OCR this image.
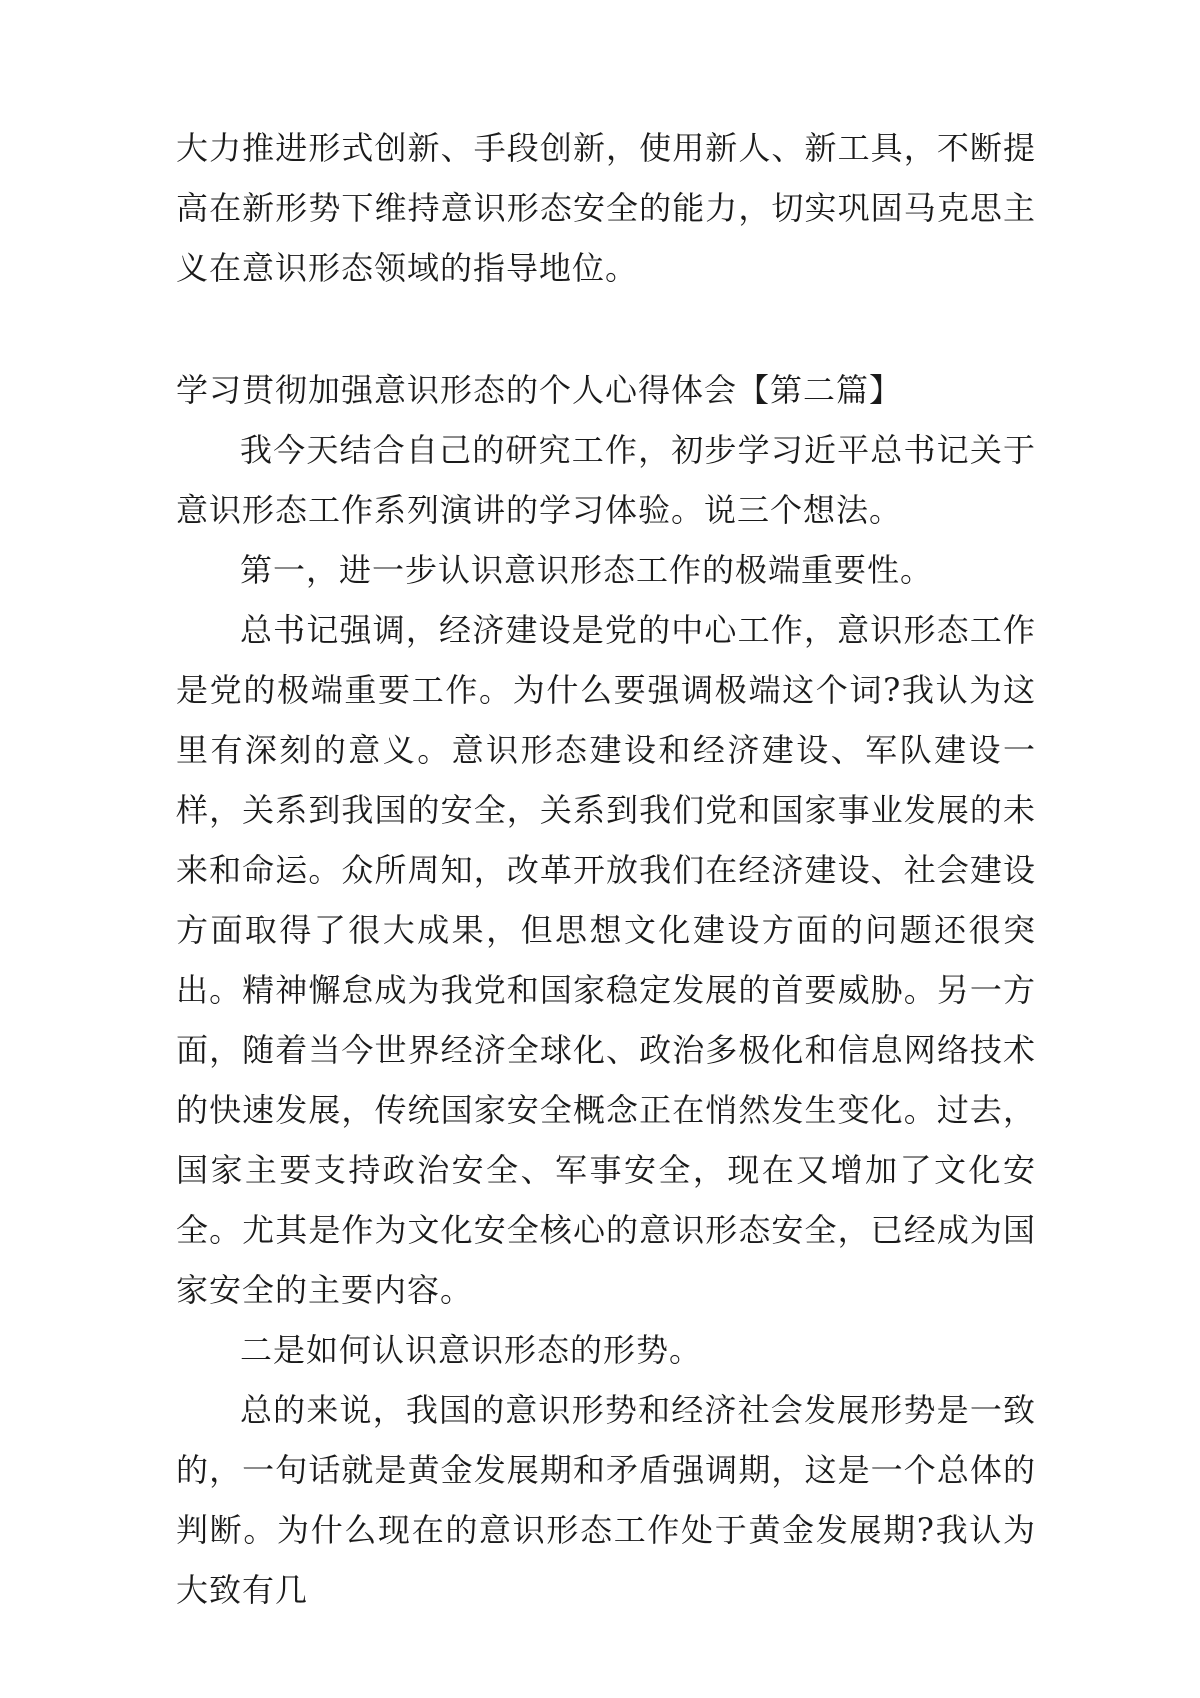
大力推进形式创新、手段创新，使用新人、新工具，不断提高在新形势下维持意识形态安全的能力，切实巩固马克思主义在意识形态领域的指导地位。

学习贯彻加强意识形态的个人心得体会【第二篇】

我今天结合自己的研究工作，初步学习近平总书记关于意识形态工作系列演讲的学习体验。说三个想法。

第一，进一步认识意识形态工作的极端重要性。

总书记强调，经济建设是党的中心工作，意识形态工作是党的极端重要工作。为什么要强调极端这个词?我认为这里有深刻的意义。意识形态建设和经济建设、军队建设一样，关系到我国的安全，关系到我们党和国家事业发展的未来和命运。众所周知，改革开放我们在经济建设、社会建设方面取得了很大成果，但思想文化建设方面的问题还很突出。精神懈怠成为我党和国家稳定发展的首要威胁。另一方面，随着当今世界经济全球化、政治多极化和信息网络技术的快速发展，传统国家安全概念正在悄然发生变化。过去，国家主要支持政治安全、军事安全，现在又增加了文化安全。尤其是作为文化安全核心的意识形态安全，已经成为国家安全的主要内容。

二是如何认识意识形态的形势。

总的来说，我国的意识形势和经济社会发展形势是一致的，一句话就是黄金发展期和矛盾强调期，这是一个总体的判断。为什么现在的意识形态工作处于黄金发展期?我认为大致有几
